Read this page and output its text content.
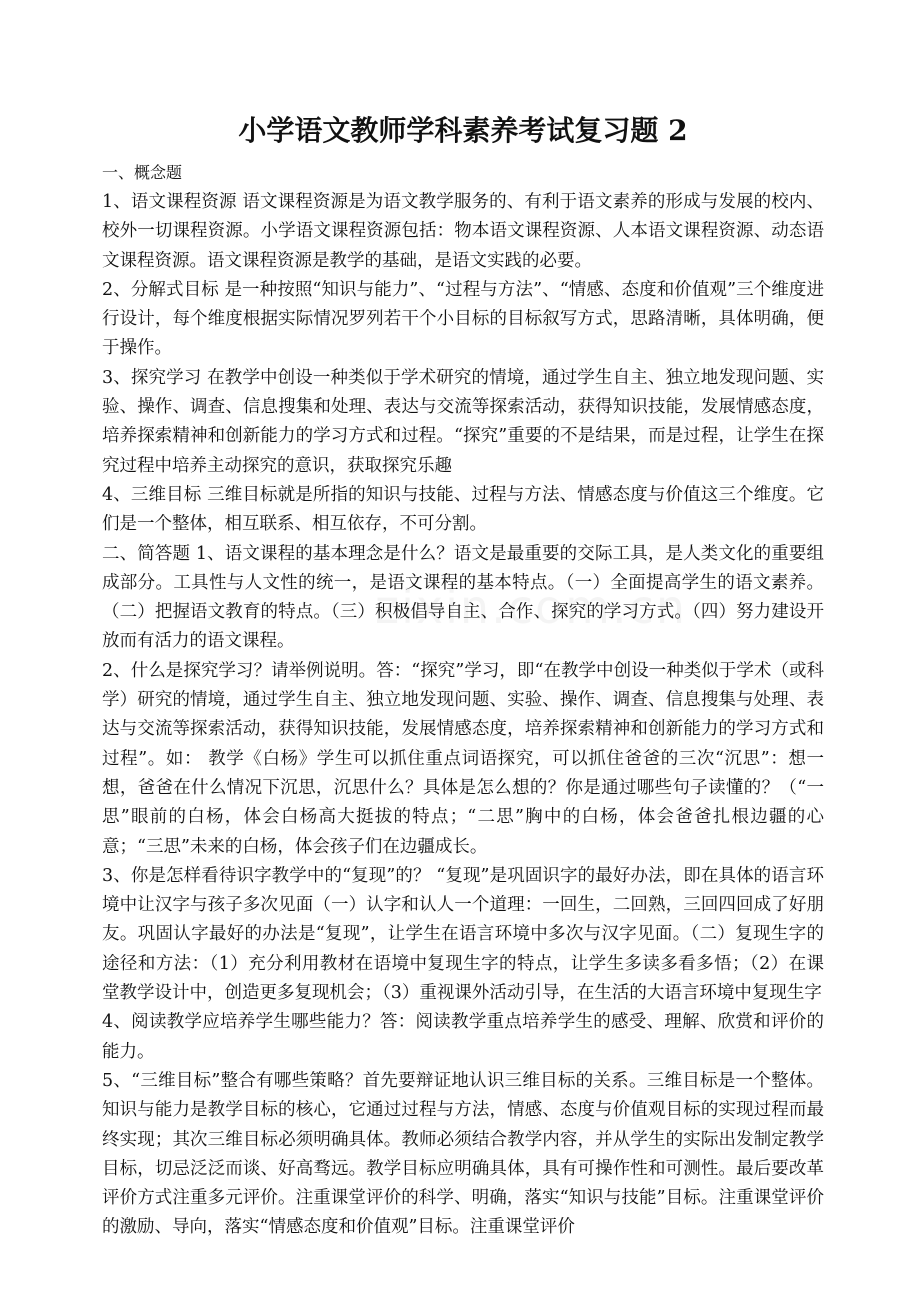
小学语文教师学科素养考试复习题 2
一、概念题

1、语文课程资源 语文课程资源是为语文教学服务的、有利于语文素养的形成与发展的校内、校外一切课程资源。小学语文课程资源包括：物本语文课程资源、人本语文课程资源、动态语文课程资源。语文课程资源是教学的基础，是语文实践的必要。

2、分解式目标 是一种按照“知识与能力”、“过程与方法”、“情感、态度和价值观”三个维度进行设计，每个维度根据实际情况罗列若干个小目标的目标叙写方式，思路清晰，具体明确，便于操作。

3、探究学习 在教学中创设一种类似于学术研究的情境，通过学生自主、独立地发现问题、实验、操作、调查、信息搜集和处理、表达与交流等探索活动，获得知识技能，发展情感态度，培养探索精神和创新能力的学习方式和过程。“探究”重要的不是结果，而是过程，让学生在探究过程中培养主动探究的意识，获取探究乐趣

4、三维目标 三维目标就是所指的知识与技能、过程与方法、情感态度与价值这三个维度。它们是一个整体，相互联系、相互依存，不可分割。

二、简答题 1、语文课程的基本理念是什么？语文是最重要的交际工具，是人类文化的重要组成部分。工具性与人文性的统一，是语文课程的基本特点。（一）全面提高学生的语文素养。（二）把握语文教育的特点。（三）积极倡导自主、合作、探究的学习方式。（四）努力建设开放而有活力的语文课程。

2、什么是探究学习？请举例说明。答：“探究”学习，即“在教学中创设一种类似于学术（或科学）研究的情境，通过学生自主、独立地发现问题、实验、操作、调查、信息搜集与处理、表达与交流等探索活动，获得知识技能，发展情感态度，培养探索精神和创新能力的学习方式和过程”。如： 教学《白杨》学生可以抓住重点词语探究，可以抓住爸爸的三次“沉思”：想一想，爸爸在什么情况下沉思，沉思什么？具体是怎么想的？你是通过哪些句子读懂的？（“一思”眼前的白杨，体会白杨高大挺拔的特点；“二思”胸中的白杨，体会爸爸扎根边疆的心意；“三思”未来的白杨，体会孩子们在边疆成长。

3、你是怎样看待识字教学中的“复现”的？ “复现”是巩固识字的最好办法，即在具体的语言环境中让汉字与孩子多次见面（一）认字和认人一个道理：一回生，二回熟，三回四回成了好朋友。巩固认字最好的办法是“复现”，让学生在语言环境中多次与汉字见面。（二）复现生字的途径和方法：（1）充分利用教材在语境中复现生字的特点，让学生多读多看多悟；（2）在课堂教学设计中，创造更多复现机会；（3）重视课外活动引导，在生活的大语言环境中复现生字

4、阅读教学应培养学生哪些能力？答：阅读教学重点培养学生的感受、理解、欣赏和评价的能力。

5、“三维目标”整合有哪些策略？首先要辩证地认识三维目标的关系。三维目标是一个整体。知识与能力是教学目标的核心，它通过过程与方法，情感、态度与价值观目标的实现过程而最终实现；其次三维目标必须明确具体。教师必须结合教学内容，并从学生的实际出发制定教学目标，切忌泛泛而谈、好高骛远。教学目标应明确具体，具有可操作性和可测性。最后要改革评价方式注重多元评价。注重课堂评价的科学、明确，落实“知识与技能”目标。注重课堂评价的激励、导向，落实“情感态度和价值观”目标。注重课堂评价
